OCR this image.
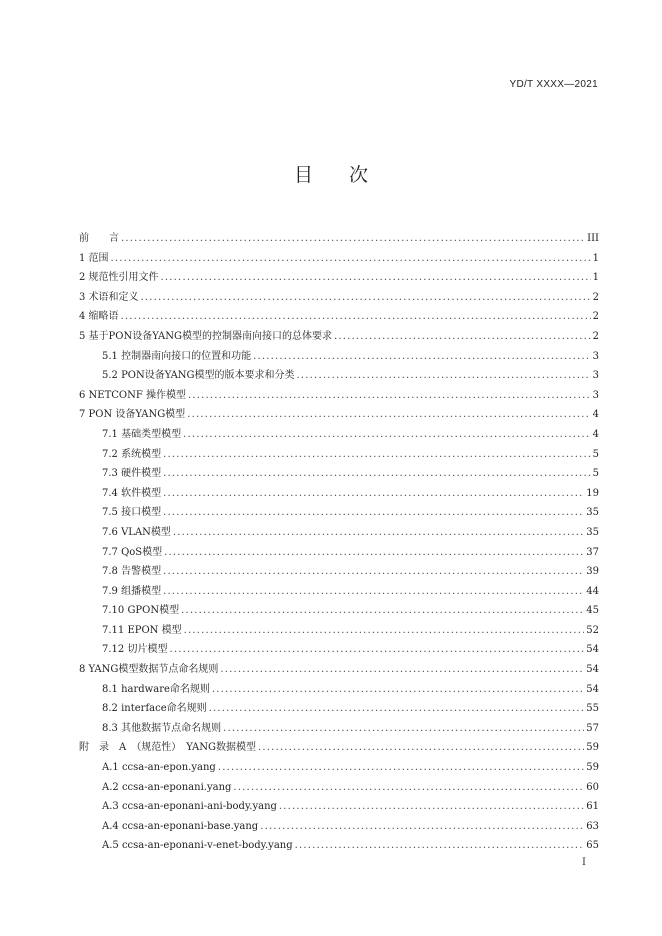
YD/T XXXX—2021
目 次
前　　言 .....	III
1 范围 .....	1
2 规范性引用文件 .....	1
3 术语和定义 .....	2
4 缩略语 .....	2
5 基于PON设备YANG模型的控制器南向接口的总体要求 .....	2
5.1 控制器南向接口的位置和功能 .....	3
5.2 PON设备YANG模型的版本要求和分类 .....	3
6 NETCONF 操作模型 .....	3
7 PON 设备YANG模型 .....	4
7.1 基础类型模型 .....	4
7.2 系统模型 .....	5
7.3 硬件模型 .....	5
7.4 软件模型 .....	19
7.5 接口模型 .....	35
7.6 VLAN模型 .....	35
7.7 QoS模型 .....	37
7.8 告警模型 .....	39
7.9 组播模型 .....	44
7.10 GPON模型 .....	45
7.11 EPON 模型 .....	52
7.12 切片模型 .....	54
8 YANG模型数据节点命名规则 .....	54
8.1 hardware命名规则 .....	54
8.2 interface命名规则 .....	55
8.3 其他数据节点命名规则 .....	57
附　录　A　（规范性）　YANG数据模型 .....	59
A.1 ccsa-an-epon.yang .....	59
A.2 ccsa-an-eponani.yang .....	60
A.3 ccsa-an-eponani-ani-body.yang .....	61
A.4 ccsa-an-eponani-base.yang .....	63
A.5 ccsa-an-eponani-v-enet-body.yang .....	65
I
